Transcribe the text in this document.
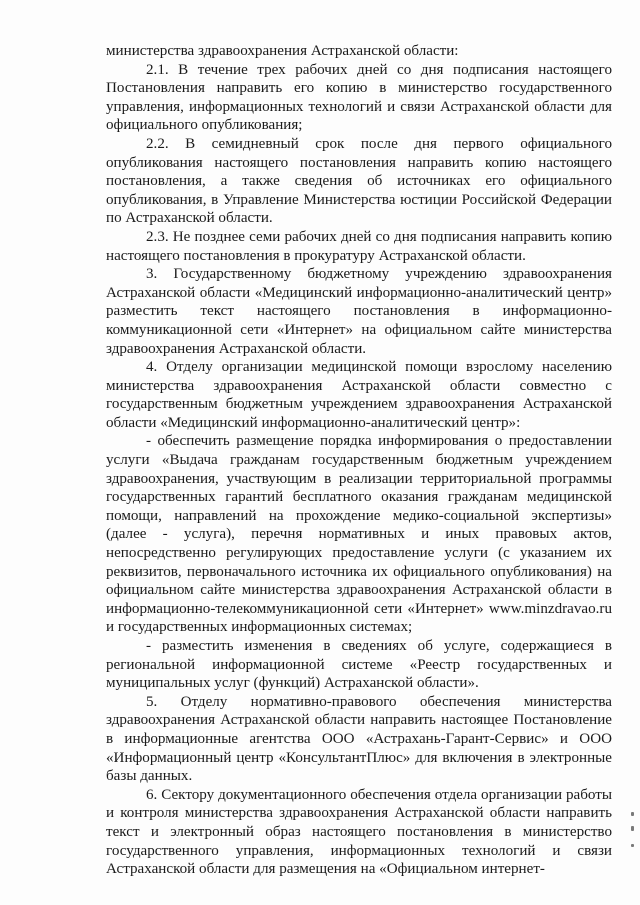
министерства здравоохранения Астраханской области:

2.1. В течение трех рабочих дней со дня подписания настоящего Постановления направить его копию в министерство государственного управления, информационных технологий и связи Астраханской области для официального опубликования;

2.2. В семидневный срок после дня первого официального опубликования настоящего постановления направить копию настоящего постановления, а также сведения об источниках его официального опубликования, в Управление Министерства юстиции Российской Федерации по Астраханской области.

2.3. Не позднее семи рабочих дней со дня подписания направить копию настоящего постановления в прокуратуру Астраханской области.

3. Государственному бюджетному учреждению здравоохранения Астраханской области «Медицинский информационно-аналитический центр» разместить текст настоящего постановления в информационно-коммуникационной сети «Интернет» на официальном сайте министерства здравоохранения Астраханской области.

4. Отделу организации медицинской помощи взрослому населению министерства здравоохранения Астраханской области совместно с государственным бюджетным учреждением здравоохранения Астраханской области «Медицинский информационно-аналитический центр»:

- обеспечить размещение порядка информирования о предоставлении услуги «Выдача гражданам государственным бюджетным учреждением здравоохранения, участвующим в реализации территориальной программы государственных гарантий бесплатного оказания гражданам медицинской помощи, направлений на прохождение медико-социальной экспертизы» (далее - услуга), перечня нормативных и иных правовых актов, непосредственно регулирующих предоставление услуги (с указанием их реквизитов, первоначального источника их официального опубликования) на официальном сайте министерства здравоохранения Астраханской области в информационно-телекоммуникационной сети «Интернет» www.minzdravao.ru и государственных информационных системах;

- разместить изменения в сведениях об услуге, содержащиеся в региональной информационной системе «Реестр государственных и муниципальных услуг (функций) Астраханской области».

5. Отделу нормативно-правового обеспечения министерства здравоохранения Астраханской области направить настоящее Постановление в информационные агентства ООО «Астрахань-Гарант-Сервис» и ООО «Информационный центр «КонсультантПлюс» для включения в электронные базы данных.

6. Сектору документационного обеспечения отдела организации работы и контроля министерства здравоохранения Астраханской области направить текст и электронный образ настоящего постановления в министерство государственного управления, информационных технологий и связи Астраханской области для размещения на «Официальном интернет-
